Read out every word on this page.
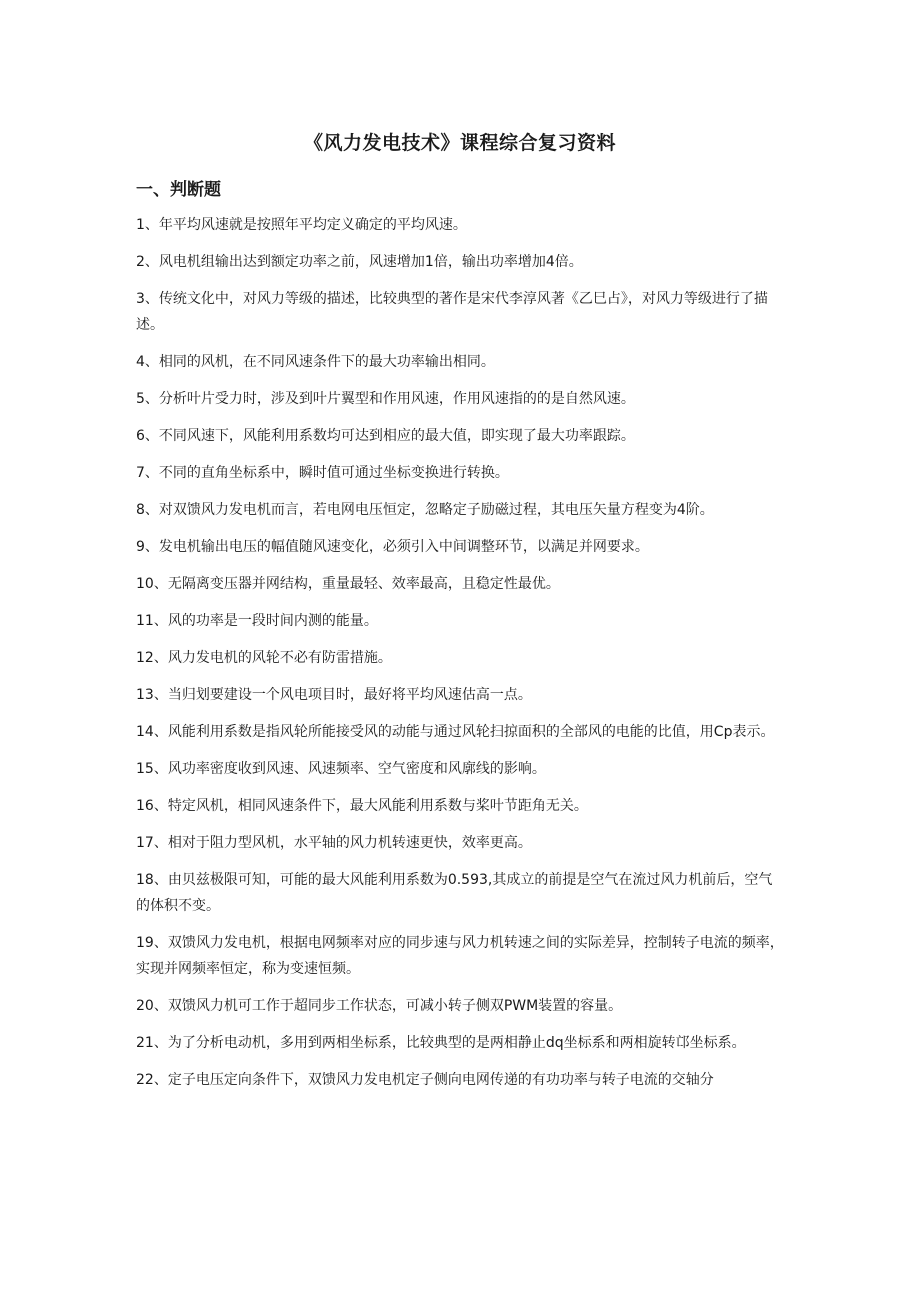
《风力发电技术》课程综合复习资料
一、判断题

1、年平均风速就是按照年平均定义确定的平均风速。

2、风电机组输出达到额定功率之前，风速增加1倍，输出功率增加4倍。

3、传统文化中，对风力等级的描述，比较典型的著作是宋代李淳风著《乙巳占》，对风力等级进行了描述。

4、相同的风机，在不同风速条件下的最大功率输出相同。

5、分析叶片受力时，涉及到叶片翼型和作用风速，作用风速指的的是自然风速。

6、不同风速下，风能利用系数均可达到相应的最大值，即实现了最大功率跟踪。

7、不同的直角坐标系中，瞬时值可通过坐标变换进行转换。

8、对双馈风力发电机而言，若电网电压恒定，忽略定子励磁过程，其电压矢量方程变为4阶。

9、发电机输出电压的幅值随风速变化，必须引入中间调整环节，以满足并网要求。

10、无隔离变压器并网结构，重量最轻、效率最高，且稳定性最优。

11、风的功率是一段时间内测的能量。

12、风力发电机的风轮不必有防雷措施。

13、当归划要建设一个风电项目时，最好将平均风速估高一点。

14、风能利用系数是指风轮所能接受风的动能与通过风轮扫掠面积的全部风的电能的比值，用Cp表示。

15、风功率密度收到风速、风速频率、空气密度和风廓线的影响。

16、特定风机，相同风速条件下，最大风能利用系数与桨叶节距角无关。

17、相对于阻力型风机，水平轴的风力机转速更快，效率更高。

18、由贝兹极限可知，可能的最大风能利用系数为0.593,其成立的前提是空气在流过风力机前后，空气的体积不变。

19、双馈风力发电机，根据电网频率对应的同步速与风力机转速之间的实际差异，控制转子电流的频率，实现并网频率恒定，称为变速恒频。

20、双馈风力机可工作于超同步工作状态，可减小转子侧双PWM装置的容量。

21、为了分析电动机，多用到两相坐标系，比较典型的是两相静止dq坐标系和两相旋转邙坐标系。

22、定子电压定向条件下，双馈风力发电机定子侧向电网传递的有功功率与转子电流的交轴分
